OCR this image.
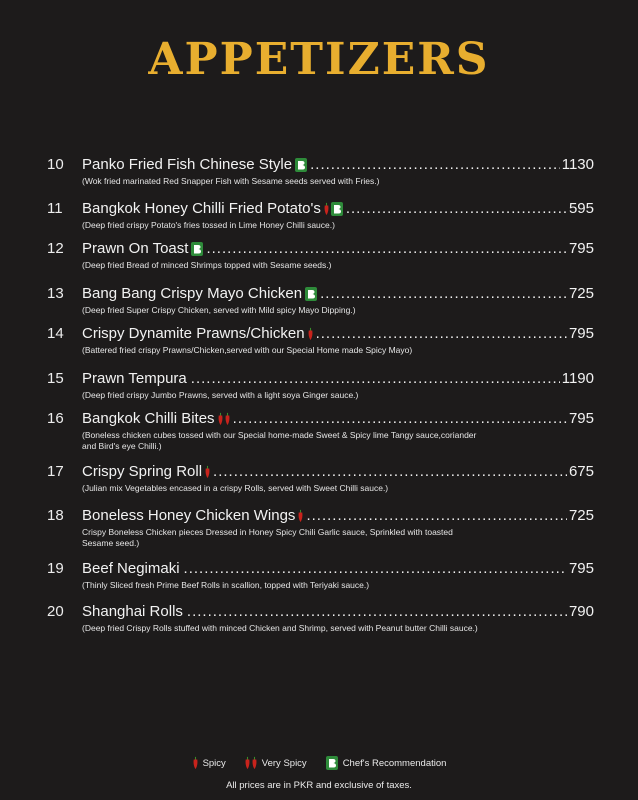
APPETIZERS
10 Panko Fried Fish Chinese Style .....	1130
(Wok fried marinated Red Snapper Fish with Sesame seeds served with Fries.)
11 Bangkok Honey Chilli Fried Potato's .....	595
(Deep fried crispy Potato's fries tossed in Lime Honey Chilli sauce.)
12 Prawn On Toast .....	795
(Deep fried Bread of minced Shrimps topped with Sesame seeds.)
13 Bang Bang Crispy Mayo Chicken .....	725
(Deep fried Super Crispy Chicken, served with Mild spicy Mayo Dipping.)
14 Crispy Dynamite Prawns/Chicken .....	795
(Battered fried crispy Prawns/Chicken,served with our Special Home made Spicy Mayo)
15 Prawn Tempura .....	1190
(Deep fried crispy Jumbo Prawns, served with a light soya Ginger sauce.)
16 Bangkok Chilli Bites .....	795
(Boneless chicken cubes tossed with our Special home-made Sweet & Spicy lime Tangy sauce,coriander and Bird's eye Chilli.)
17 Crispy Spring Roll .....	675
(Julian mix Vegetables encased in a crispy Rolls, served with Sweet Chilli sauce.)
18 Boneless Honey Chicken Wings .....	725
Crispy Boneless Chicken pieces Dressed in Honey Spicy Chili Garlic sauce, Sprinkled with toasted Sesame seed.)
19 Beef Negimaki .....	795
(Thinly Sliced fresh Prime Beef Rolls in scallion, topped with Teriyaki sauce.)
20 Shanghai Rolls .....	790
(Deep fried Crispy Rolls stuffed with minced Chicken and Shrimp, served with Peanut butter Chilli sauce.)
Spicy	Very Spicy	Chef's Recommendation
All prices are in PKR and exclusive of taxes.
